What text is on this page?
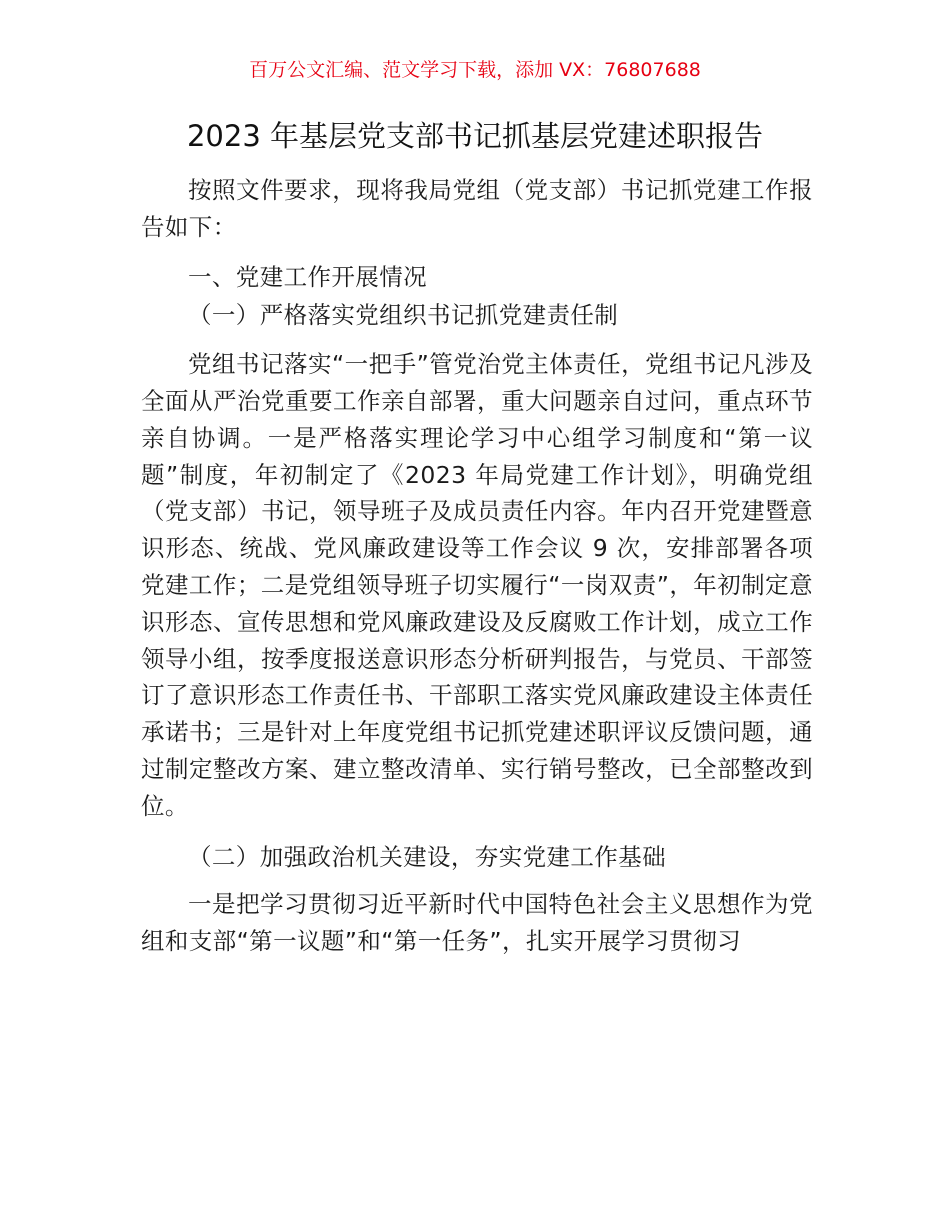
百万公文汇编、范文学习下载，添加 VX：76807688
2023 年基层党支部书记抓基层党建述职报告

按照文件要求，现将我局党组（党支部）书记抓党建工作报告如下：

一、党建工作开展情况

（一）严格落实党组织书记抓党建责任制

党组书记落实“一把手”管党治党主体责任，党组书记凡涉及全面从严治党重要工作亲自部署，重大问题亲自过问，重点环节亲自协调。一是严格落实理论学习中心组学习制度和“第一议题”制度，年初制定了《2023 年局党建工作计划》，明确党组（党支部）书记，领导班子及成员责任内容。年内召开党建暨意识形态、统战、党风廉政建设等工作会议 9 次，安排部署各项党建工作；二是党组领导班子切实履行“一岗双责”，年初制定意识形态、宣传思想和党风廉政建设及反腐败工作计划，成立工作领导小组，按季度报送意识形态分析研判报告，与党员、干部签订了意识形态工作责任书、干部职工落实党风廉政建设主体责任承诺书；三是针对上年度党组书记抓党建述职评议反馈问题，通过制定整改方案、建立整改清单、实行销号整改，已全部整改到位。

（二）加强政治机关建设，夯实党建工作基础

一是把学习贯彻习近平新时代中国特色社会主义思想作为党组和支部“第一议题”和“第一任务”，扎实开展学习贯彻习
